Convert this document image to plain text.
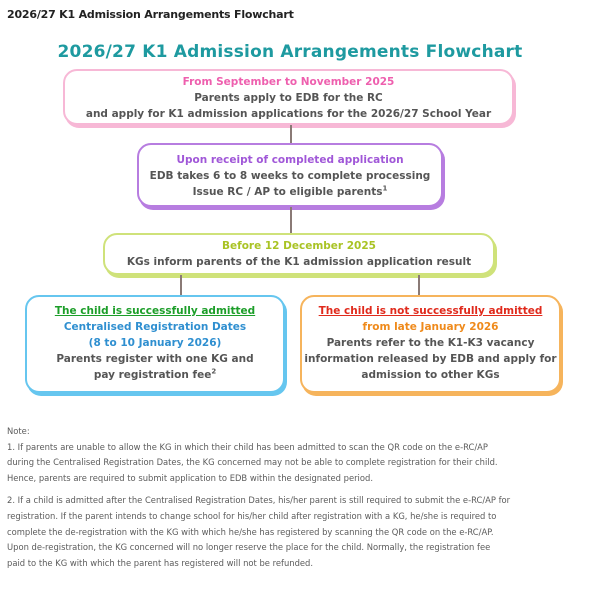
2026/27 K1 Admission Arrangements Flowchart
2026/27 K1 Admission Arrangements Flowchart
From September to November 2025
Parents apply to EDB for the RC
and apply for K1 admission applications for the 2026/27 School Year
Upon receipt of completed application
EDB takes 6 to 8 weeks to complete processing
Issue RC / AP to eligible parents$^1$
Before 12 December 2025
KGs inform parents of the K1 admission application result
The child is successfully admitted
Centralised Registration Dates
(8 to 10 January 2026)
Parents register with one KG and
pay registration fee$^2$
The child is not successfully admitted
from late January 2026
Parents refer to the K1-K3 vacancy
information released by EDB and apply for
admission to other KGs

Note:

1. If parents are unable to allow the KG in which their child has been admitted to scan the QR code on the e-RC/AP

during the Centralised Registration Dates, the KG concerned may not be able to complete registration for their child.

Hence, parents are required to submit application to EDB within the designated period.

2. If a child is admitted after the Centralised Registration Dates, his/her parent is still required to submit the e-RC/AP for

registration. If the parent intends to change school for his/her child after registration with a KG, he/she is required to

complete the de-registration with the KG with which he/she has registered by scanning the QR code on the e-RC/AP.

Upon de-registration, the KG concerned will no longer reserve the place for the child. Normally, the registration fee

paid to the KG with which the parent has registered will not be refunded.
